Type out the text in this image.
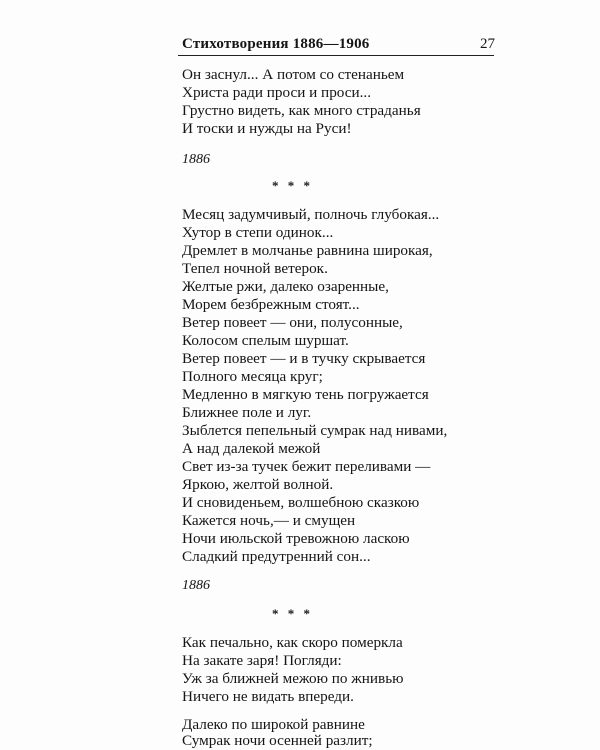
Стихотворения 1886—1906	27
Он заснул... А потом со стенаньем
Христа ради проси и проси...
Грустно видеть, как много страданья
И тоски и нужды на Руси!
1886
* * *
Месяц задумчивый, полночь глубокая...
Хутор в степи одинок...
Дремлет в молчанье равнина широкая,
Тепел ночной ветерок.
Желтые ржи, далеко озаренные,
Морем безбрежным стоят...
Ветер повеет — они, полусонные,
Колосом спелым шуршат.
Ветер повеет — и в тучку скрывается
Полного месяца круг;
Медленно в мягкую тень погружается
Ближнее поле и луг.
Зыблется пепельный сумрак над нивами,
А над далекой межой
Свет из-за тучек бежит переливами —
Яркою, желтой волной.
И сновиденьем, волшебною сказкою
Кажется ночь,— и смущен
Ночи июльской тревожною ласкою
Сладкий предутренний сон...
1886
* * *
Как печально, как скоро померкла
На закате заря! Погляди:
Уж за ближней межою по жнивью
Ничего не видать впереди.
Далеко по широкой равнине
Сумрак ночи осенней разлит;
